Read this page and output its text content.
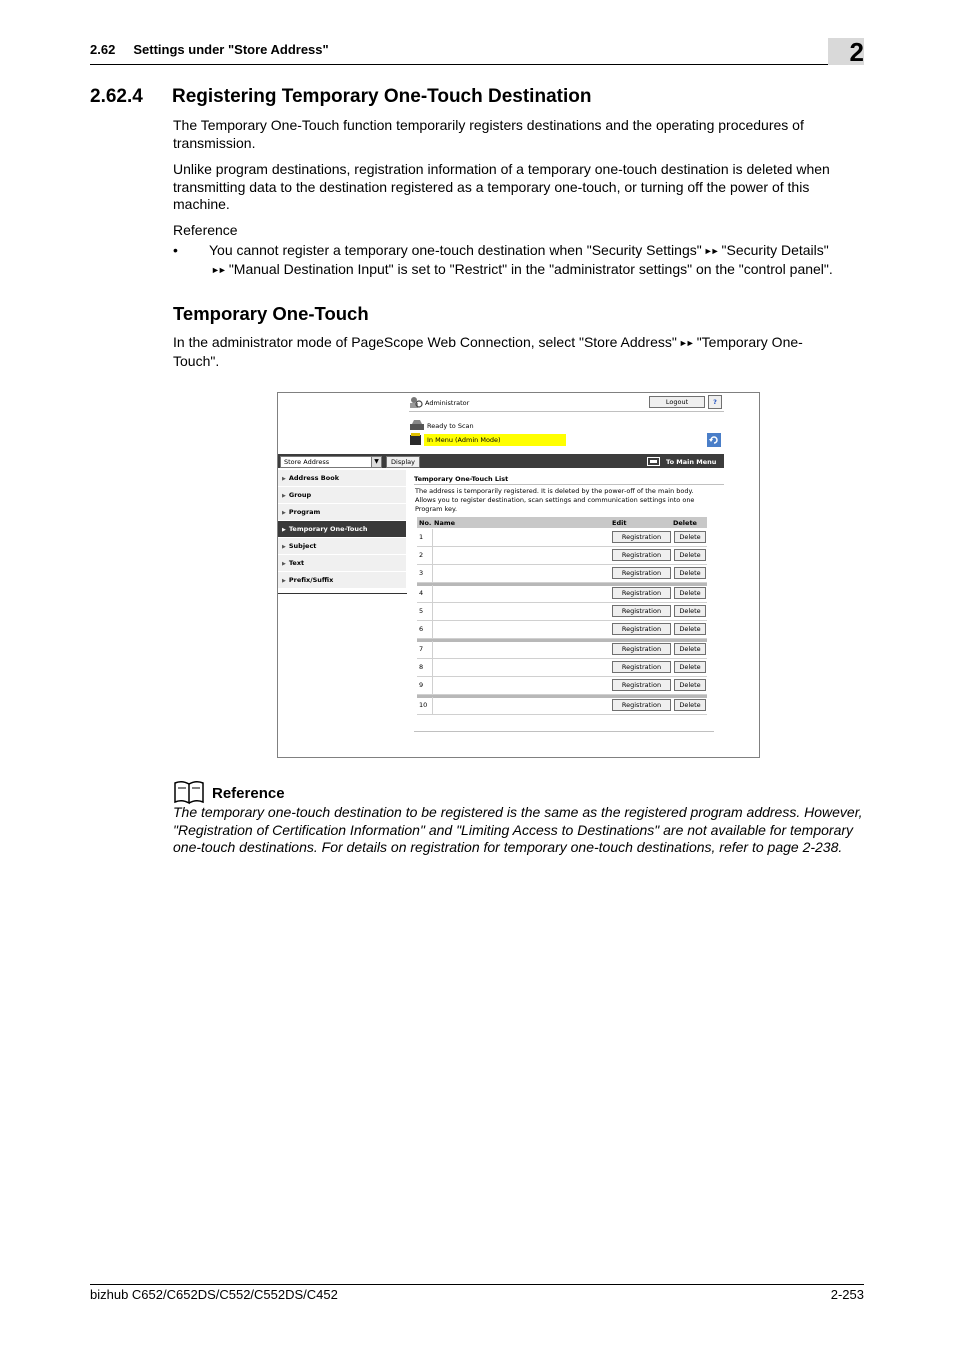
2.62     Settings under "Store Address"	2
2.62.4 Registering Temporary One-Touch Destination
The Temporary One-Touch function temporarily registers destinations and the operating procedures of transmission.
Unlike program destinations, registration information of a temporary one-touch destination is deleted when transmitting data to the destination registered as a temporary one-touch, or turning off the power of this machine.
Reference
• You cannot register a temporary one-touch destination when "Security Settings" ►► "Security Details"
►► "Manual Destination Input" is set to "Restrict" in the "administrator settings" on the "control panel".
Temporary One-Touch
In the administrator mode of PageScope Web Connection, select "Store Address" ►► "Temporary One-Touch".
Administrator	Logout	?
Ready to Scan
In Menu (Admin Mode)
Store Address	▼	Display	To Main Menu
▶ Address Book
▶ Group
▶ Program
▶ Temporary One-Touch
▶ Subject
▶ Text
▶ Prefix/Suffix
Temporary One-Touch List
The address is temporarily registered. It is deleted by the power-off of the main body.
Allows you to register destination, scan settings and communication settings into one
Program key.
No. Name	Edit	Delete
1	Registration	Delete
2	Registration	Delete
3	Registration	Delete
4	Registration	Delete
5	Registration	Delete
6	Registration	Delete
7	Registration	Delete
8	Registration	Delete
9	Registration	Delete
10	Registration	Delete
Reference
The temporary one-touch destination to be registered is the same as the registered program address. However, "Registration of Certification Information" and "Limiting Access to Destinations" are not available for temporary one-touch destinations. For details on registration for temporary one-touch destinations, refer to page 2-238.
bizhub C652/C652DS/C552/C552DS/C452	2-253
